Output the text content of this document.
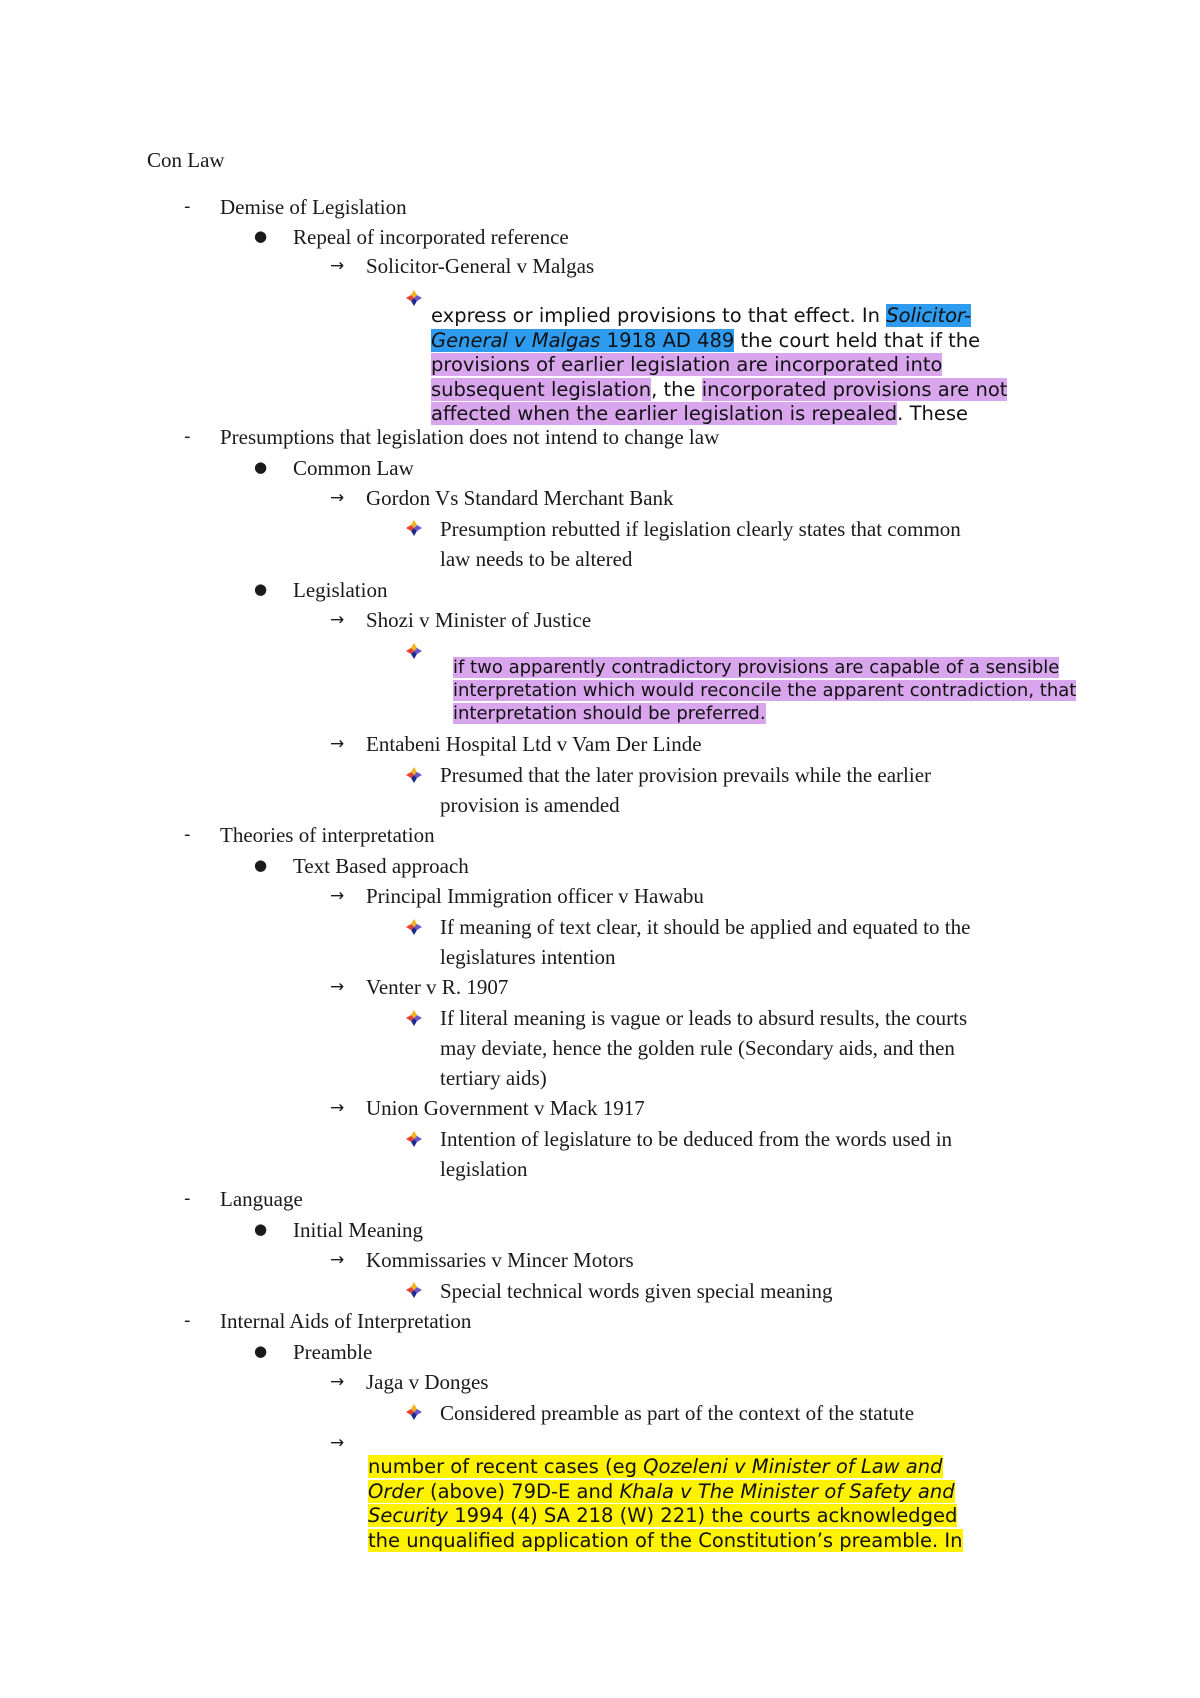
Con Law
- Demise of Legislation
● Repeal of incorporated reference
→ Solicitor-General v Malgas
express or implied provisions to that effect. In Solicitor-
General v Malgas 1918 AD 489 the court held that if the
provisions of earlier legislation are incorporated into
subsequent legislation, the incorporated provisions are not
affected when the earlier legislation is repealed. These
- Presumptions that legislation does not intend to change law
● Common Law
→ Gordon Vs Standard Merchant Bank
Presumption rebutted if legislation clearly states that common
law needs to be altered
● Legislation
→ Shozi v Minister of Justice
if two apparently contradictory provisions are capable of a sensible
interpretation which would reconcile the apparent contradiction, that
interpretation should be preferred.
→ Entabeni Hospital Ltd v Vam Der Linde
Presumed that the later provision prevails while the earlier
provision is amended
- Theories of interpretation
● Text Based approach
→ Principal Immigration officer v Hawabu
If meaning of text clear, it should be applied and equated to the
legislatures intention
→ Venter v R. 1907
If literal meaning is vague or leads to absurd results, the courts
may deviate, hence the golden rule (Secondary aids, and then
tertiary aids)
→ Union Government v Mack 1917
Intention of legislature to be deduced from the words used in
legislation
- Language
● Initial Meaning
→ Kommissaries v Mincer Motors
Special technical words given special meaning
- Internal Aids of Interpretation
● Preamble
→ Jaga v Donges
Considered preamble as part of the context of the statute
→
number of recent cases (eg Qozeleni v Minister of Law and
Order (above) 79D-E and Khala v The Minister of Safety and
Security 1994 (4) SA 218 (W) 221) the courts acknowledged
the unqualified application of the Constitution’s preamble. In
